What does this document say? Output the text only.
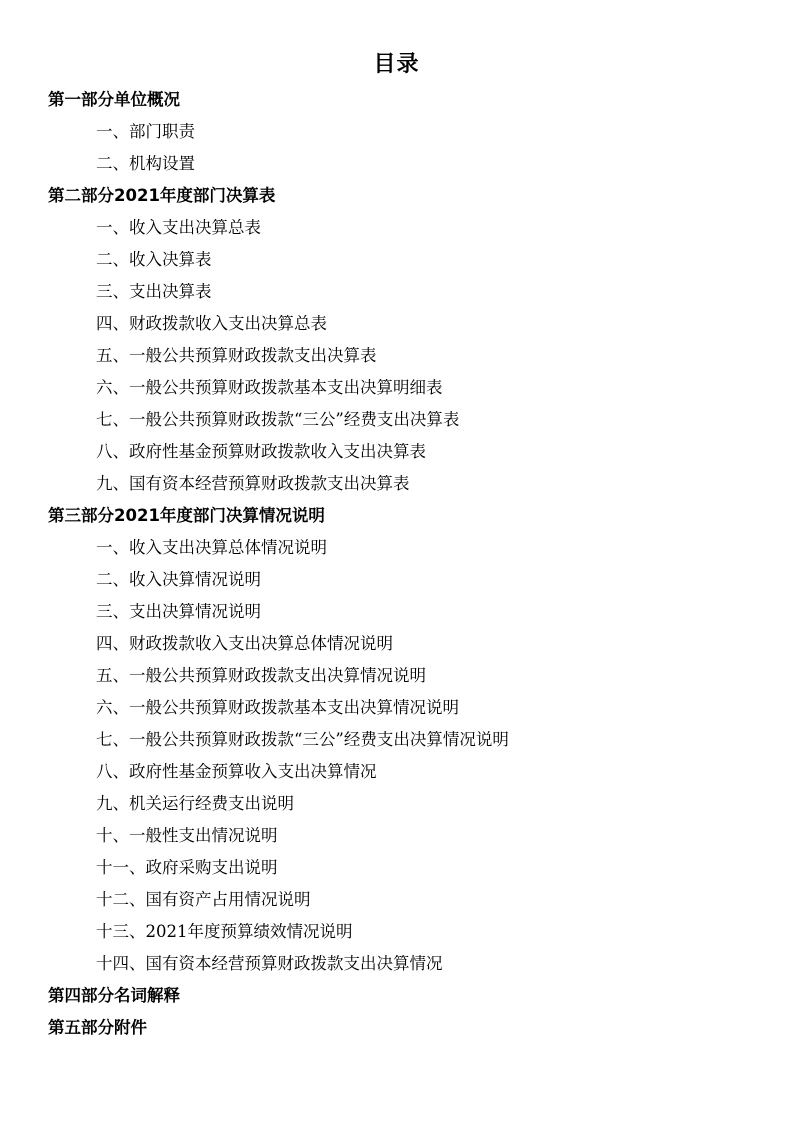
目录
第一部分单位概况
一、部门职责
二、机构设置
第二部分2021年度部门决算表
一、收入支出决算总表
二、收入决算表
三、支出决算表
四、财政拨款收入支出决算总表
五、一般公共预算财政拨款支出决算表
六、一般公共预算财政拨款基本支出决算明细表
七、一般公共预算财政拨款“三公”经费支出决算表
八、政府性基金预算财政拨款收入支出决算表
九、国有资本经营预算财政拨款支出决算表
第三部分2021年度部门决算情况说明
一、收入支出决算总体情况说明
二、收入决算情况说明
三、支出决算情况说明
四、财政拨款收入支出决算总体情况说明
五、一般公共预算财政拨款支出决算情况说明
六、一般公共预算财政拨款基本支出决算情况说明
七、一般公共预算财政拨款“三公”经费支出决算情况说明
八、政府性基金预算收入支出决算情况
九、机关运行经费支出说明
十、一般性支出情况说明
十一、政府采购支出说明
十二、国有资产占用情况说明
十三、2021年度预算绩效情况说明
十四、国有资本经营预算财政拨款支出决算情况
第四部分名词解释
第五部分附件
